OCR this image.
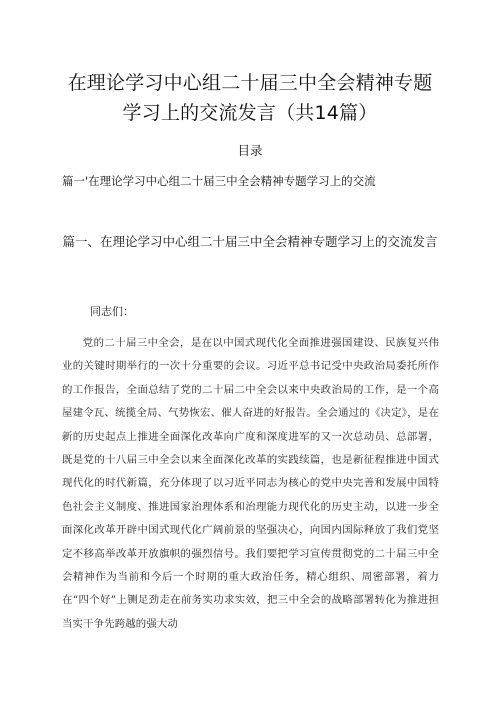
在理论学习中心组二十届三中全会精神专题学习上的交流发言（共14篇）
目录
篇一'在理论学习中心组二十届三中全会精神专题学习上的交流
篇一、在理论学习中心组二十届三中全会精神专题学习上的交流发言
同志们：
党的二十届三中全会，是在以中国式现代化全面推进强国建设、民族复兴伟业的关键时期举行的一次十分重要的会议。习近平总书记受中央政治局委托所作的工作报告，全面总结了党的二十届二中全会以来中央政治局的工作，是一个高屋建令瓦、统揽全局、气势恢宏、催人奋进的好报告。全会通过的《决定》，是在新的历史起点上推进全面深化改革向广度和深度进军的又一次总动员、总部署，既是党的十八届三中全会以来全面深化改革的实践续篇，也是新征程推进中国式现代化的时代新篇，充分体现了以习近平同志为核心的党中央完善和发展中国特色社会主义制度、推进国家治理体系和治理能力现代化的历史主动，以进一步全面深化改革开辟中国式现代化广阔前景的坚强决心，向国内国际释放了我们党坚定不移高举改革开放旗帜的强烈信号。我们要把学习宣传贯彻党的二十届三中全会精神作为当前和今后一个时期的重大政治任务，精心组织、周密部署，着力在“四个好”上铡足劲走在前务实功求实效，把三中全会的战略部署转化为推进担当实干争先跨越的强大动
